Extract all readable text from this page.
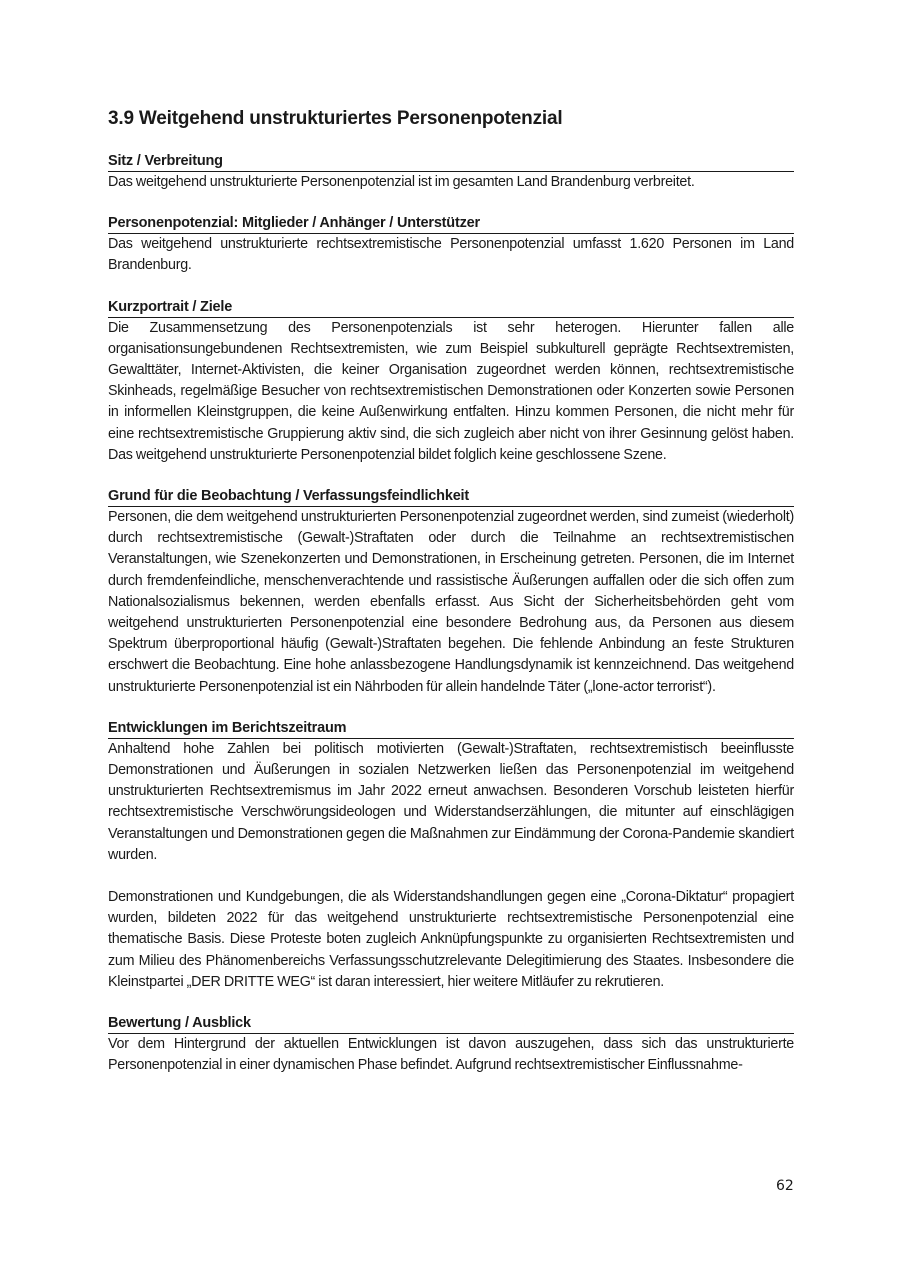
3.9 Weitgehend unstrukturiertes Personenpotenzial
Sitz / Verbreitung

Das weitgehend unstrukturierte Personenpotenzial ist im gesamten Land Brandenburg verbreitet.

Personenpotenzial: Mitglieder / Anhänger / Unterstützer

Das weitgehend unstrukturierte rechtsextremistische Personenpotenzial umfasst 1.620 Personen im Land Brandenburg.

Kurzportrait / Ziele

Die Zusammensetzung des Personenpotenzials ist sehr heterogen. Hierunter fallen alle organisationsungebundenen Rechtsextremisten, wie zum Beispiel subkulturell geprägte Rechtsextremisten, Gewalttäter, Internet-Aktivisten, die keiner Organisation zugeordnet werden können, rechtsextremistische Skinheads, regelmäßige Besucher von rechtsextremistischen Demonstrationen oder Konzerten sowie Personen in informellen Kleinstgruppen, die keine Außenwirkung entfalten. Hinzu kommen Personen, die nicht mehr für eine rechtsextremistische Gruppierung aktiv sind, die sich zugleich aber nicht von ihrer Gesinnung gelöst haben. Das weitgehend unstrukturierte Personenpotenzial bildet folglich keine geschlossene Szene.

Grund für die Beobachtung / Verfassungsfeindlichkeit

Personen, die dem weitgehend unstrukturierten Personenpotenzial zugeordnet werden, sind zumeist (wiederholt) durch rechtsextremistische (Gewalt-)Straftaten oder durch die Teilnahme an rechtsextremistischen Veranstaltungen, wie Szenekonzerten und Demonstrationen, in Erscheinung getreten. Personen, die im Internet durch fremdenfeindliche, menschenverachtende und rassistische Äußerungen auffallen oder die sich offen zum Nationalsozialismus bekennen, werden ebenfalls erfasst. Aus Sicht der Sicherheitsbehörden geht vom weitgehend unstrukturierten Personenpotenzial eine besondere Bedrohung aus, da Personen aus diesem Spektrum überproportional häufig (Gewalt-)Straftaten begehen. Die fehlende Anbindung an feste Strukturen erschwert die Beobachtung. Eine hohe anlassbezogene Handlungsdynamik ist kennzeichnend. Das weitgehend unstrukturierte Personenpotenzial ist ein Nährboden für allein handelnde Täter („lone-actor terrorist“).

Entwicklungen im Berichtszeitraum

Anhaltend hohe Zahlen bei politisch motivierten (Gewalt-)Straftaten, rechtsextremistisch beeinflusste Demonstrationen und Äußerungen in sozialen Netzwerken ließen das Personenpotenzial im weitgehend unstrukturierten Rechtsextremismus im Jahr 2022 erneut anwachsen. Besonderen Vorschub leisteten hierfür rechtsextremistische Verschwörungsideologen und Widerstandserzählungen, die mitunter auf einschlägigen Veranstaltungen und Demonstrationen gegen die Maßnahmen zur Eindämmung der Corona-Pandemie skandiert wurden.

Demonstrationen und Kundgebungen, die als Widerstandshandlungen gegen eine „Corona-Diktatur“ propagiert wurden, bildeten 2022 für das weitgehend unstrukturierte rechtsextremistische Personenpotenzial eine thematische Basis. Diese Proteste boten zugleich Anknüpfungspunkte zu organisierten Rechtsextremisten und zum Milieu des Phänomenbereichs Verfassungsschutzrelevante Delegitimierung des Staates. Insbesondere die Kleinstpartei „DER DRITTE WEG“ ist daran interessiert, hier weitere Mitläufer zu rekrutieren.

Bewertung / Ausblick

Vor dem Hintergrund der aktuellen Entwicklungen ist davon auszugehen, dass sich das unstrukturierte Personenpotenzial in einer dynamischen Phase befindet. Aufgrund rechtsextremistischer Einflussnahme-

62
